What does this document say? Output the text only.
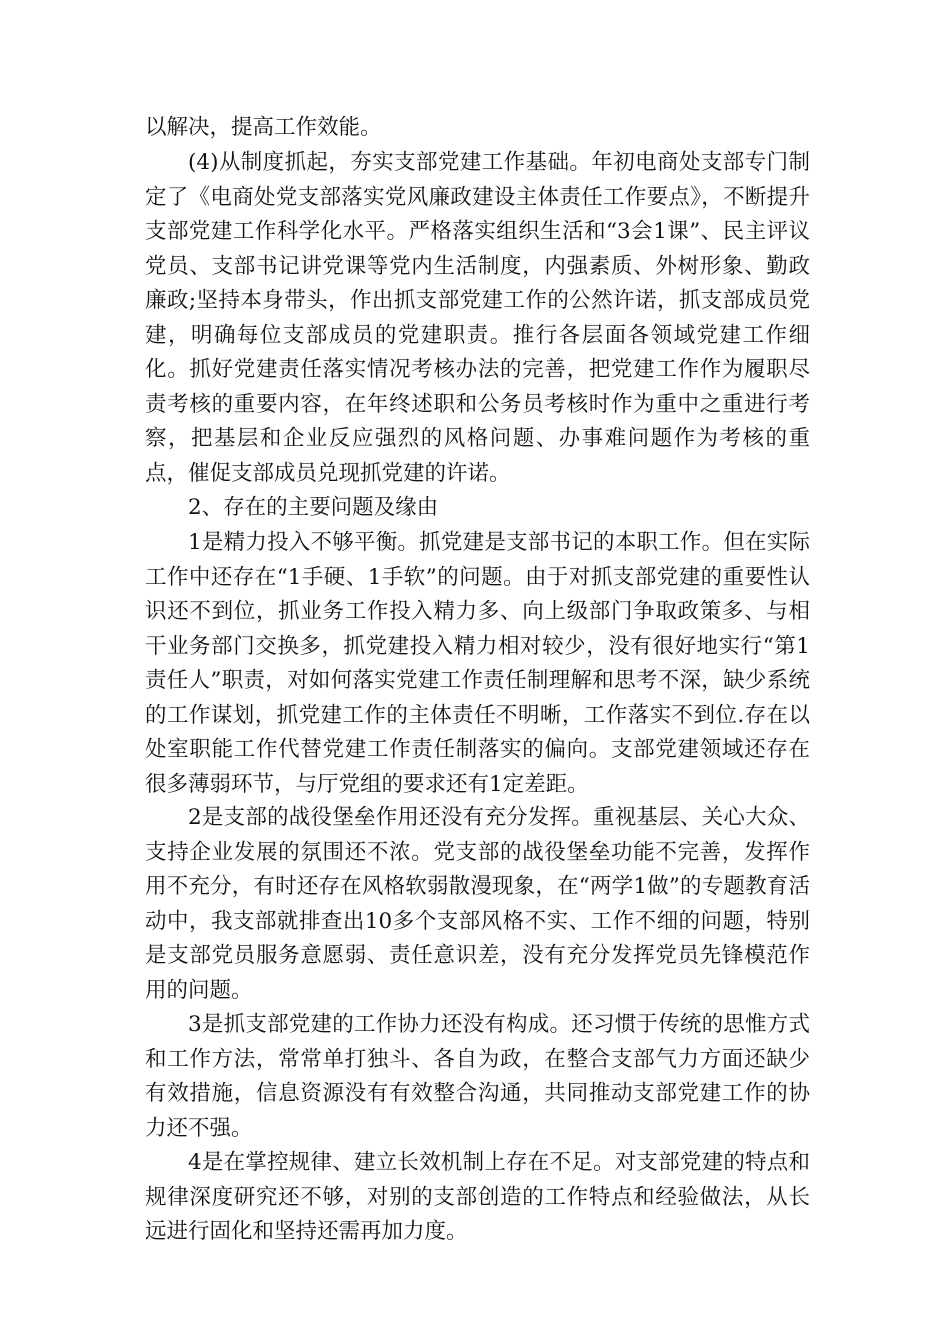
以解决，提高工作效能。

(4)从制度抓起，夯实支部党建工作基础。年初电商处支部专门制定了《电商处党支部落实党风廉政建设主体责任工作要点》，不断提升支部党建工作科学化水平。严格落实组织生活和“3会1课”、民主评议党员、支部书记讲党课等党内生活制度，内强素质、外树形象、勤政廉政;坚持本身带头，作出抓支部党建工作的公然许诺，抓支部成员党建，明确每位支部成员的党建职责。推行各层面各领域党建工作细化。抓好党建责任落实情况考核办法的完善，把党建工作作为履职尽责考核的重要内容，在年终述职和公务员考核时作为重中之重进行考察，把基层和企业反应强烈的风格问题、办事难问题作为考核的重点，催促支部成员兑现抓党建的许诺。

2、存在的主要问题及缘由

1是精力投入不够平衡。抓党建是支部书记的本职工作。但在实际工作中还存在“1手硬、1手软”的问题。由于对抓支部党建的重要性认识还不到位，抓业务工作投入精力多、向上级部门争取政策多、与相干业务部门交换多，抓党建投入精力相对较少，没有很好地实行“第1责任人”职责，对如何落实党建工作责任制理解和思考不深，缺少系统的工作谋划，抓党建工作的主体责任不明晰，工作落实不到位.存在以处室职能工作代替党建工作责任制落实的偏向。支部党建领域还存在很多薄弱环节，与厅党组的要求还有1定差距。

2是支部的战役堡垒作用还没有充分发挥。重视基层、关心大众、支持企业发展的氛围还不浓。党支部的战役堡垒功能不完善，发挥作用不充分，有时还存在风格软弱散漫现象，在“两学1做”的专题教育活动中，我支部就排查出10多个支部风格不实、工作不细的问题，特别是支部党员服务意愿弱、责任意识差，没有充分发挥党员先锋模范作用的问题。

3是抓支部党建的工作协力还没有构成。还习惯于传统的思惟方式和工作方法，常常单打独斗、各自为政，在整合支部气力方面还缺少有效措施，信息资源没有有效整合沟通，共同推动支部党建工作的协力还不强。

4是在掌控规律、建立长效机制上存在不足。对支部党建的特点和规律深度研究还不够，对别的支部创造的工作特点和经验做法，从长远进行固化和坚持还需再加力度。
